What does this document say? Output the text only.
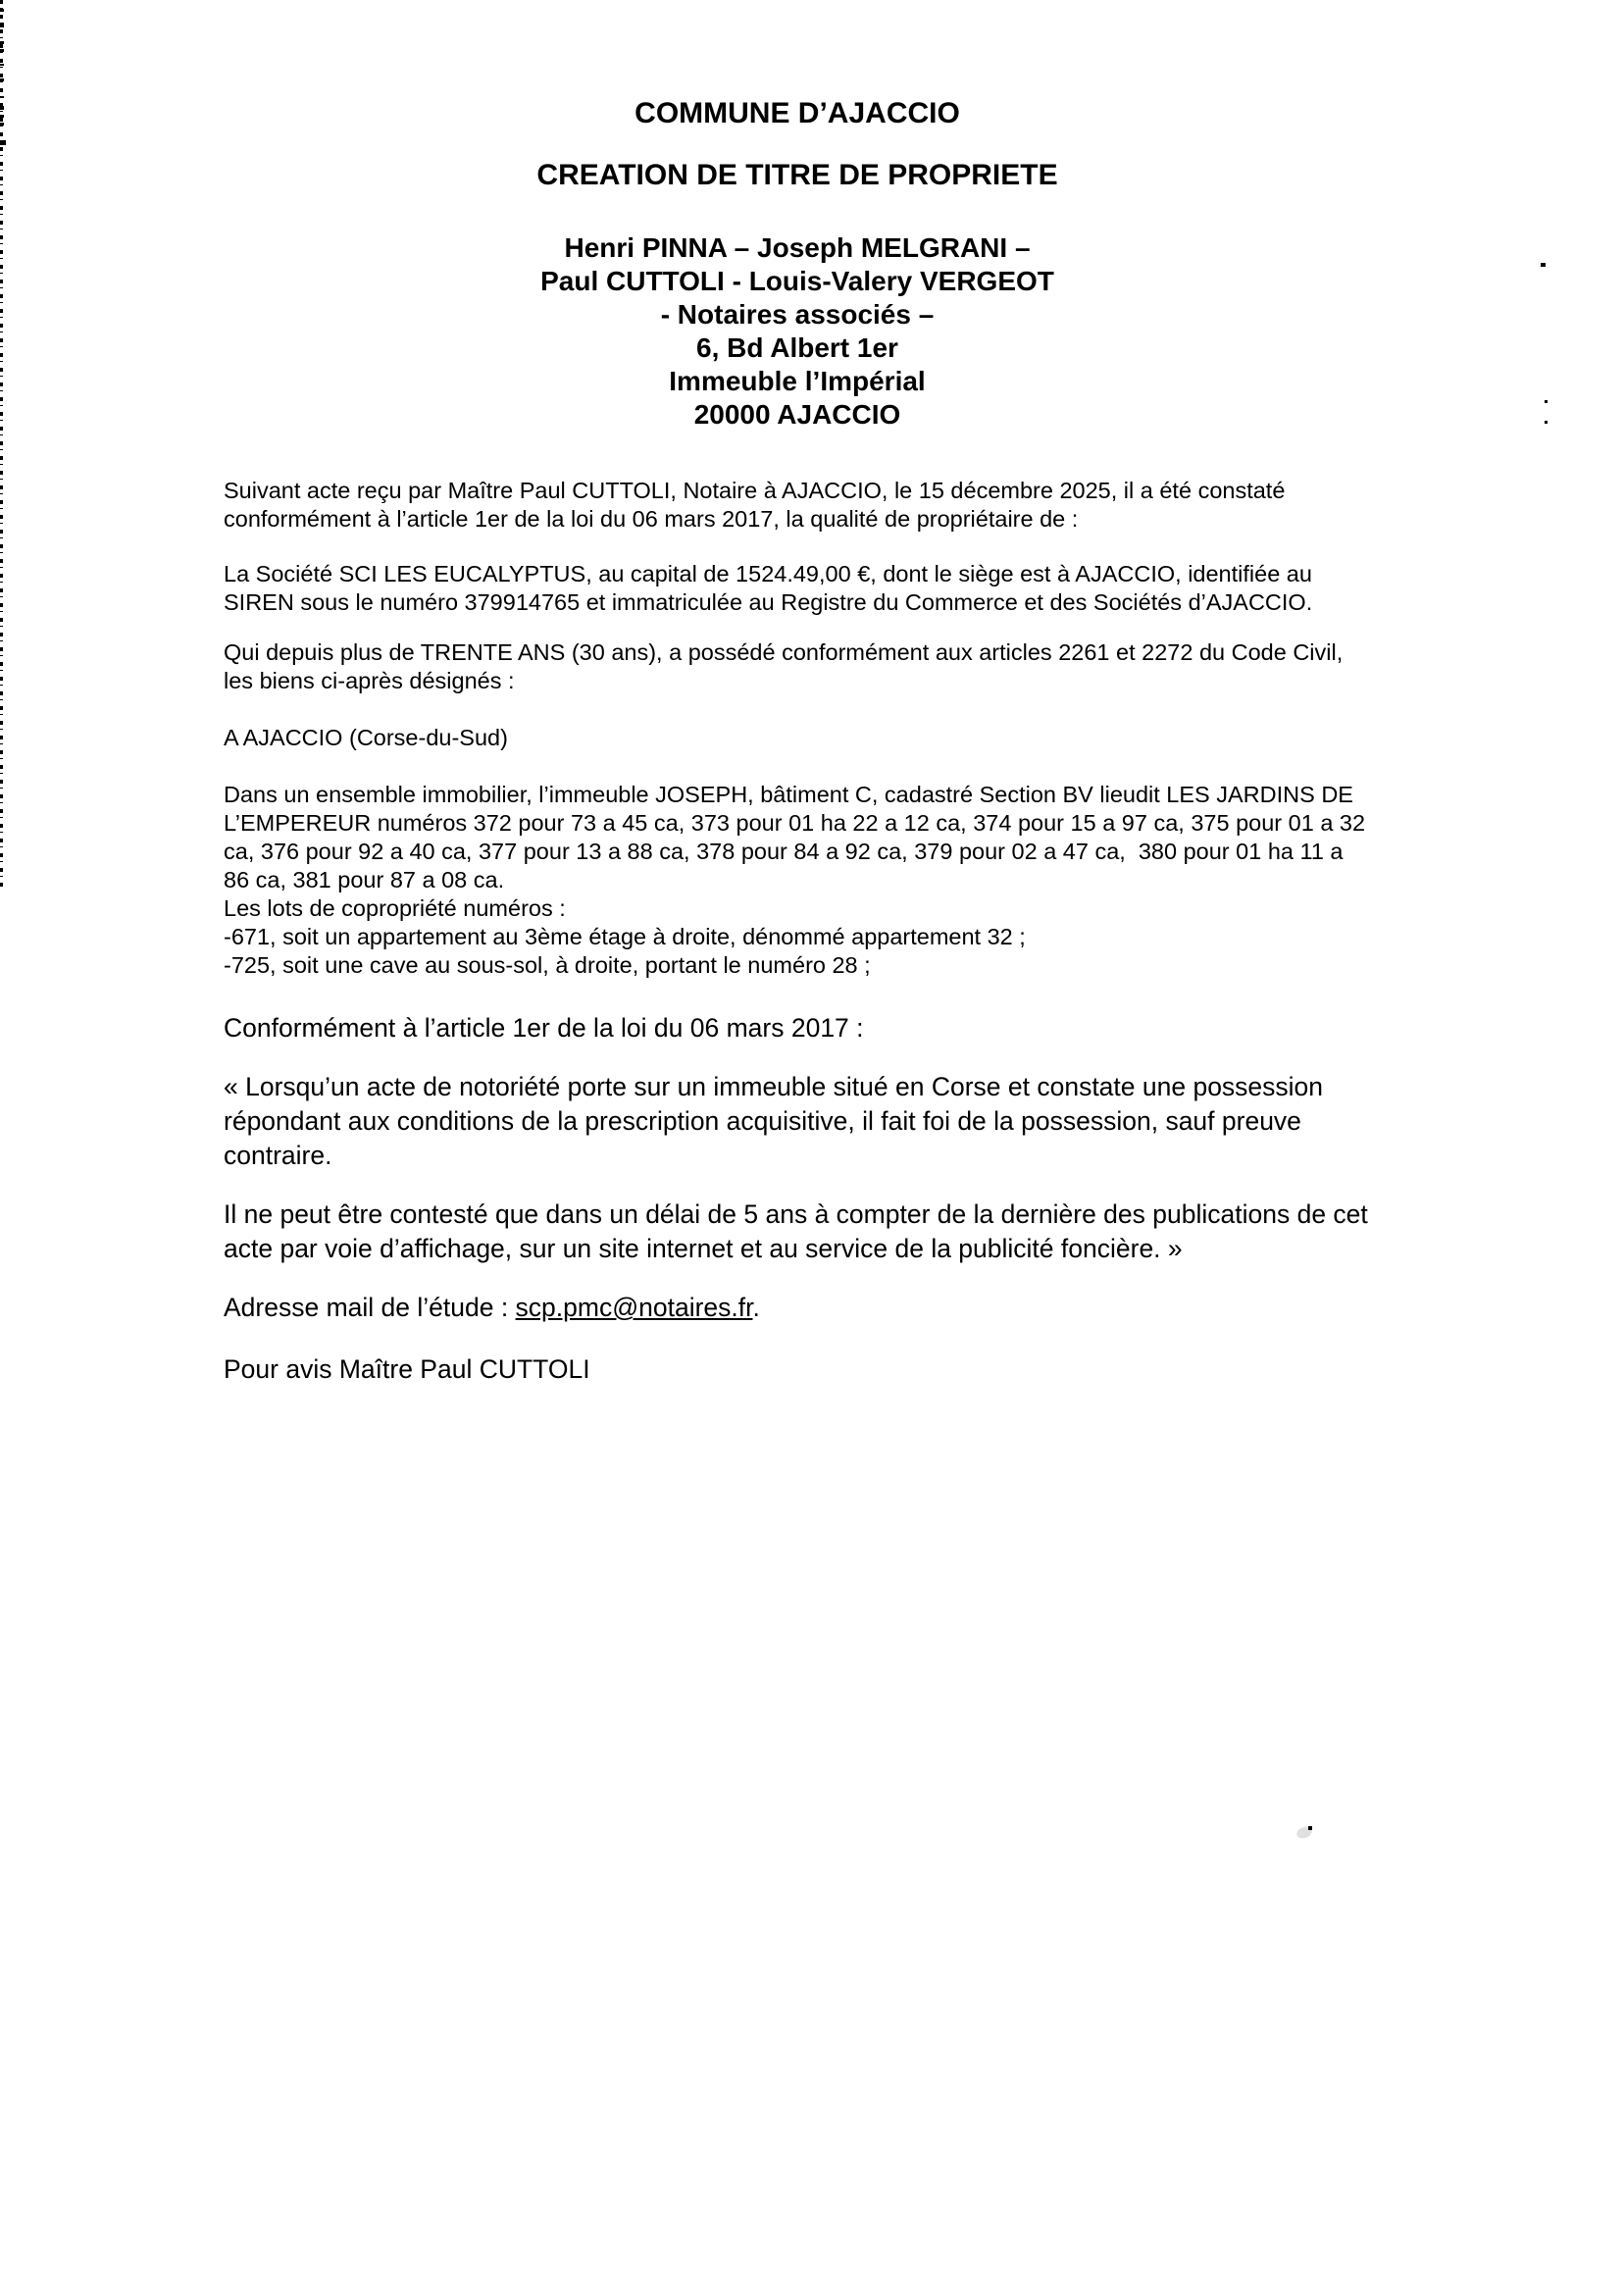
COMMUNE D’AJACCIO
CREATION DE TITRE DE PROPRIETE
Henri PINNA – Joseph MELGRANI –
Paul CUTTOLI - Louis-Valery VERGEOT
- Notaires associés –
6, Bd Albert 1er
Immeuble l’Impérial
20000 AJACCIO

Suivant acte reçu par Maître Paul CUTTOLI, Notaire à AJACCIO, le 15 décembre 2025, il a été constaté conformément à l’article 1er de la loi du 06 mars 2017, la qualité de propriétaire de :

La Société SCI LES EUCALYPTUS, au capital de 1524.49,00 €, dont le siège est à AJACCIO, identifiée au SIREN sous le numéro 379914765 et immatriculée au Registre du Commerce et des Sociétés d’AJACCIO.

Qui depuis plus de TRENTE ANS (30 ans), a possédé conformément aux articles 2261 et 2272 du Code Civil, les biens ci-après désignés :

A AJACCIO (Corse-du-Sud)

Dans un ensemble immobilier, l’immeuble JOSEPH, bâtiment C, cadastré Section BV lieudit LES JARDINS DE L’EMPEREUR numéros 372 pour 73 a 45 ca, 373 pour 01 ha 22 a 12 ca, 374 pour 15 a 97 ca, 375 pour 01 a 32 ca, 376 pour 92 a 40 ca, 377 pour 13 a 88 ca, 378 pour 84 a 92 ca, 379 pour 02 a 47 ca,  380 pour 01 ha 11 a 86 ca, 381 pour 87 a 08 ca.

Les lots de copropriété numéros :
-671, soit un appartement au 3ème étage à droite, dénommé appartement 32 ;
-725, soit une cave au sous-sol, à droite, portant le numéro 28 ;

Conformément à l’article 1er de la loi du 06 mars 2017 :

« Lorsqu’un acte de notoriété porte sur un immeuble situé en Corse et constate une possession répondant aux conditions de la prescription acquisitive, il fait foi de la possession, sauf preuve contraire.

Il ne peut être contesté que dans un délai de 5 ans à compter de la dernière des publications de cet acte par voie d’affichage, sur un site internet et au service de la publicité foncière. »

Adresse mail de l’étude : scp.pmc@notaires.fr.

Pour avis Maître Paul CUTTOLI
